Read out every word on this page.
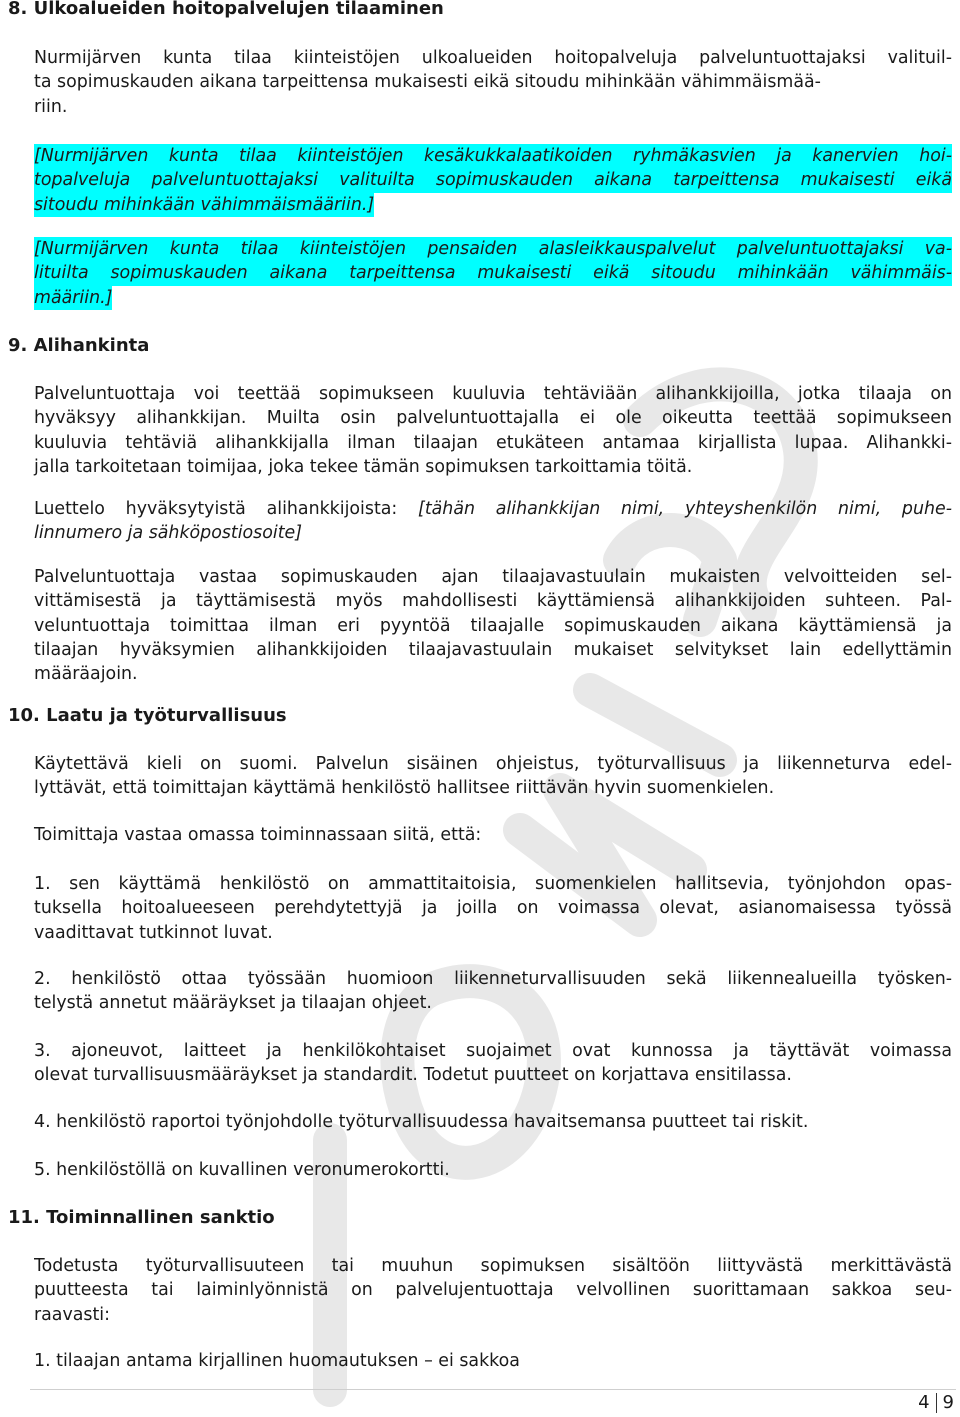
8. Ulkoalueiden hoitopalvelujen tilaaminen
Nurmijärven kunta tilaa kiinteistöjen ulkoalueiden hoitopalveluja palveluntuottajaksi valituil-
ta sopimuskauden aikana tarpeittensa mukaisesti eikä sitoudu mihinkään vähimmäismää-
riin.
[Nurmijärven kunta tilaa kiinteistöjen kesäkukkalaatikoiden ryhmäkasvien ja kanervien hoi-
topalveluja palveluntuottajaksi valituilta sopimuskauden aikana tarpeittensa mukaisesti eikä
sitoudu mihinkään vähimmäismääriin.]
[Nurmijärven kunta tilaa kiinteistöjen pensaiden alasleikkauspalvelut palveluntuottajaksi va-
lituilta sopimuskauden aikana tarpeittensa mukaisesti eikä sitoudu mihinkään vähimmäis-
määriin.]
9. Alihankinta
Palveluntuottaja voi teettää sopimukseen kuuluvia tehtäviään alihankkijoilla, jotka tilaaja on
hyväksyy alihankkijan. Muilta osin palveluntuottajalla ei ole oikeutta teettää sopimukseen
kuuluvia tehtäviä alihankkijalla ilman tilaajan etukäteen antamaa kirjallista lupaa. Alihankki-
jalla tarkoitetaan toimijaa, joka tekee tämän sopimuksen tarkoittamia töitä.
Luettelo hyväksytyistä alihankkijoista: [tähän alihankkijan nimi, yhteyshenkilön nimi, puhe-
linnumero ja sähköpostiosoite]
Palveluntuottaja vastaa sopimuskauden ajan tilaajavastuulain mukaisten velvoitteiden sel-
vittämisestä ja täyttämisestä myös mahdollisesti käyttämiensä alihankkijoiden suhteen. Pal-
veluntuottaja toimittaa ilman eri pyyntöä tilaajalle sopimuskauden aikana käyttämiensä ja
tilaajan hyväksymien alihankkijoiden tilaajavastuulain mukaiset selvitykset lain edellyttämin
määräajoin.
10. Laatu ja työturvallisuus
Käytettävä kieli on suomi. Palvelun sisäinen ohjeistus, työturvallisuus ja liikenneturva edel-
lyttävät, että toimittajan käyttämä henkilöstö hallitsee riittävän hyvin suomenkielen.
Toimittaja vastaa omassa toiminnassaan siitä, että:
1. sen käyttämä henkilöstö on ammattitaitoisia, suomenkielen hallitsevia, työnjohdon opas-
tuksella hoitoalueeseen perehdytettyjä ja joilla on voimassa olevat, asianomaisessa työssä
vaadittavat tutkinnot luvat.
2. henkilöstö ottaa työssään huomioon liikenneturvallisuuden sekä liikennealueilla työsken-
telystä annetut määräykset ja tilaajan ohjeet.
3. ajoneuvot, laitteet ja henkilökohtaiset suojaimet ovat kunnossa ja täyttävät voimassa
olevat turvallisuusmääräykset ja standardit. Todetut puutteet on korjattava ensitilassa.
4. henkilöstö raportoi työnjohdolle työturvallisuudessa havaitsemansa puutteet tai riskit.
5. henkilöstöllä on kuvallinen veronumerokortti.
11. Toiminnallinen sanktio
Todetusta työturvallisuuteen tai muuhun sopimuksen sisältöön liittyvästä merkittävästä
puutteesta tai laiminlyönnistä on palvelujentuottaja velvollinen suorittamaan sakkoa seu-
raavasti:
1. tilaajan antama kirjallinen huomautuksen – ei sakkoa
4 9
